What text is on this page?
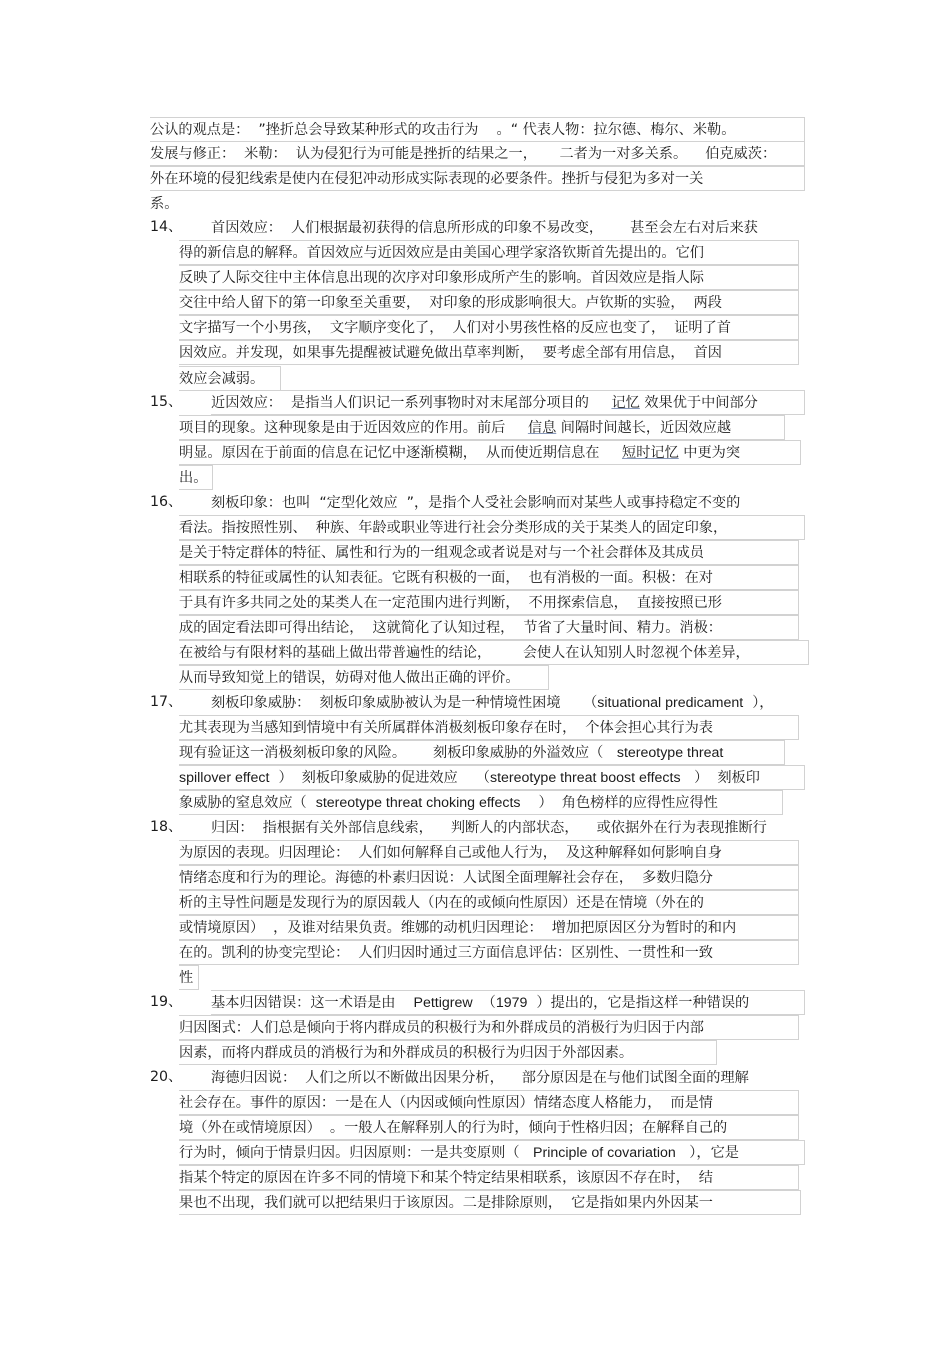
公认的观点是：  ”挫折总会导致某种形式的攻击行为    。“ 代表人物：拉尔德、梅尔、米勒。
发展与修正：  米勒：  认为侵犯行为可能是挫折的结果之一，     二者为一对多关系。    伯克威茨：
外在环境的侵犯线索是使内在侵犯冲动形成实际表现的必要条件。挫折与侵犯为多对一关
系。
首因效应：  人们根据最初获得的信息所形成的印象不易改变，      甚至会左右对后来获
得的新信息的解释。首因效应与近因效应是由美国心理学家洛钦斯首先提出的。它们
反映了人际交往中主体信息出现的次序对印象形成所产生的影响。首因效应是指人际
交往中给人留下的第一印象至关重要，  对印象的形成影响很大。卢钦斯的实验，  两段
文字描写一个小男孩，  文字顺序变化了，  人们对小男孩性格的反应也变了，  证明了首
因效应。并发现，如果事先提醒被试避免做出草率判断，  要考虑全部有用信息，  首因
效应会减弱。
近因效应：  是指当人们识记一系列事物时对末尾部分项目的     记忆 效果优于中间部分
项目的现象。这种现象是由于近因效应的作用。前后     信息 间隔时间越长，近因效应越
明显。原因在于前面的信息在记忆中逐渐模糊，  从而使近期信息在     短时记忆 中更为突
出。
刻板印象：也叫  “定型化效应  ”，是指个人受社会影响而对某些人或事持稳定不变的
看法。指按照性别、  种族、年龄或职业等进行社会分类形成的关于某类人的固定印象，
是关于特定群体的特征、属性和行为的一组观念或者说是对与一个社会群体及其成员
相联系的特征或属性的认知表征。它既有积极的一面，  也有消极的一面。积极：在对
于具有许多共同之处的某类人在一定范围内进行判断，  不用探索信息，  直接按照已形
成的固定看法即可得出结论，  这就简化了认知过程，  节省了大量时间、精力。消极：
在被给与有限材料的基础上做出带普遍性的结论，       会使人在认知别人时忽视个体差异，
从而导致知觉上的错误，妨碍对他人做出正确的评价。
刻板印象威胁：  刻板印象威胁被认为是一种情境性困境     （situational predicament  ），
尤其表现为当感知到情境中有关所属群体消极刻板印象存在时，  个体会担心其行为表
现有验证这一消极刻板印象的风险。      刻板印象威胁的外溢效应（   stereotype threat
spillover effect  ）  刻板印象威胁的促进效应    （stereotype threat boost effects   ）  刻板印
象威胁的窒息效应（  stereotype threat choking effects    ）  角色榜样的应得性应得性
归因：  指根据有关外部信息线索，    判断人的内部状态，    或依据外在行为表现推断行
为原因的表现。归因理论：  人们如何解释自己或他人行为，  及这种解释如何影响自身
情绪态度和行为的理论。海德的朴素归因说：人试图全面理解社会存在，  多数归隐分
析的主导性问题是发现行为的原因载人（内在的或倾向性原因）还是在情境（外在的
或情境原因）  ，及谁对结果负责。维娜的动机归因理论：  增加把原因区分为暂时的和内
在的。凯利的协变完型论：  人们归因时通过三方面信息评估：区别性、一贯性和一致
性
基本归因错误：这一术语是由    Pettigrew  （1979  ）提出的，它是指这样一种错误的
归因图式：人们总是倾向于将内群成员的积极行为和外群成员的消极行为归因于内部
因素，而将内群成员的消极行为和外群成员的积极行为归因于外部因素。
海德归因说：  人们之所以不断做出因果分析，    部分原因是在与他们试图全面的理解
社会存在。事件的原因：一是在人（内因或倾向性原因）情绪态度人格能力，  而是情
境（外在或情境原因）  。一般人在解释别人的行为时，倾向于性格归因；在解释自己的
行为时，倾向于情景归因。归因原则：一是共变原则（   Principle of covariation   ），它是
指某个特定的原因在许多不同的情境下和某个特定结果相联系，该原因不存在时，  结
果也不出现，我们就可以把结果归于该原因。二是排除原则，  它是指如果内外因某一
14、
15、
16、
17、
18、
19、
20、
